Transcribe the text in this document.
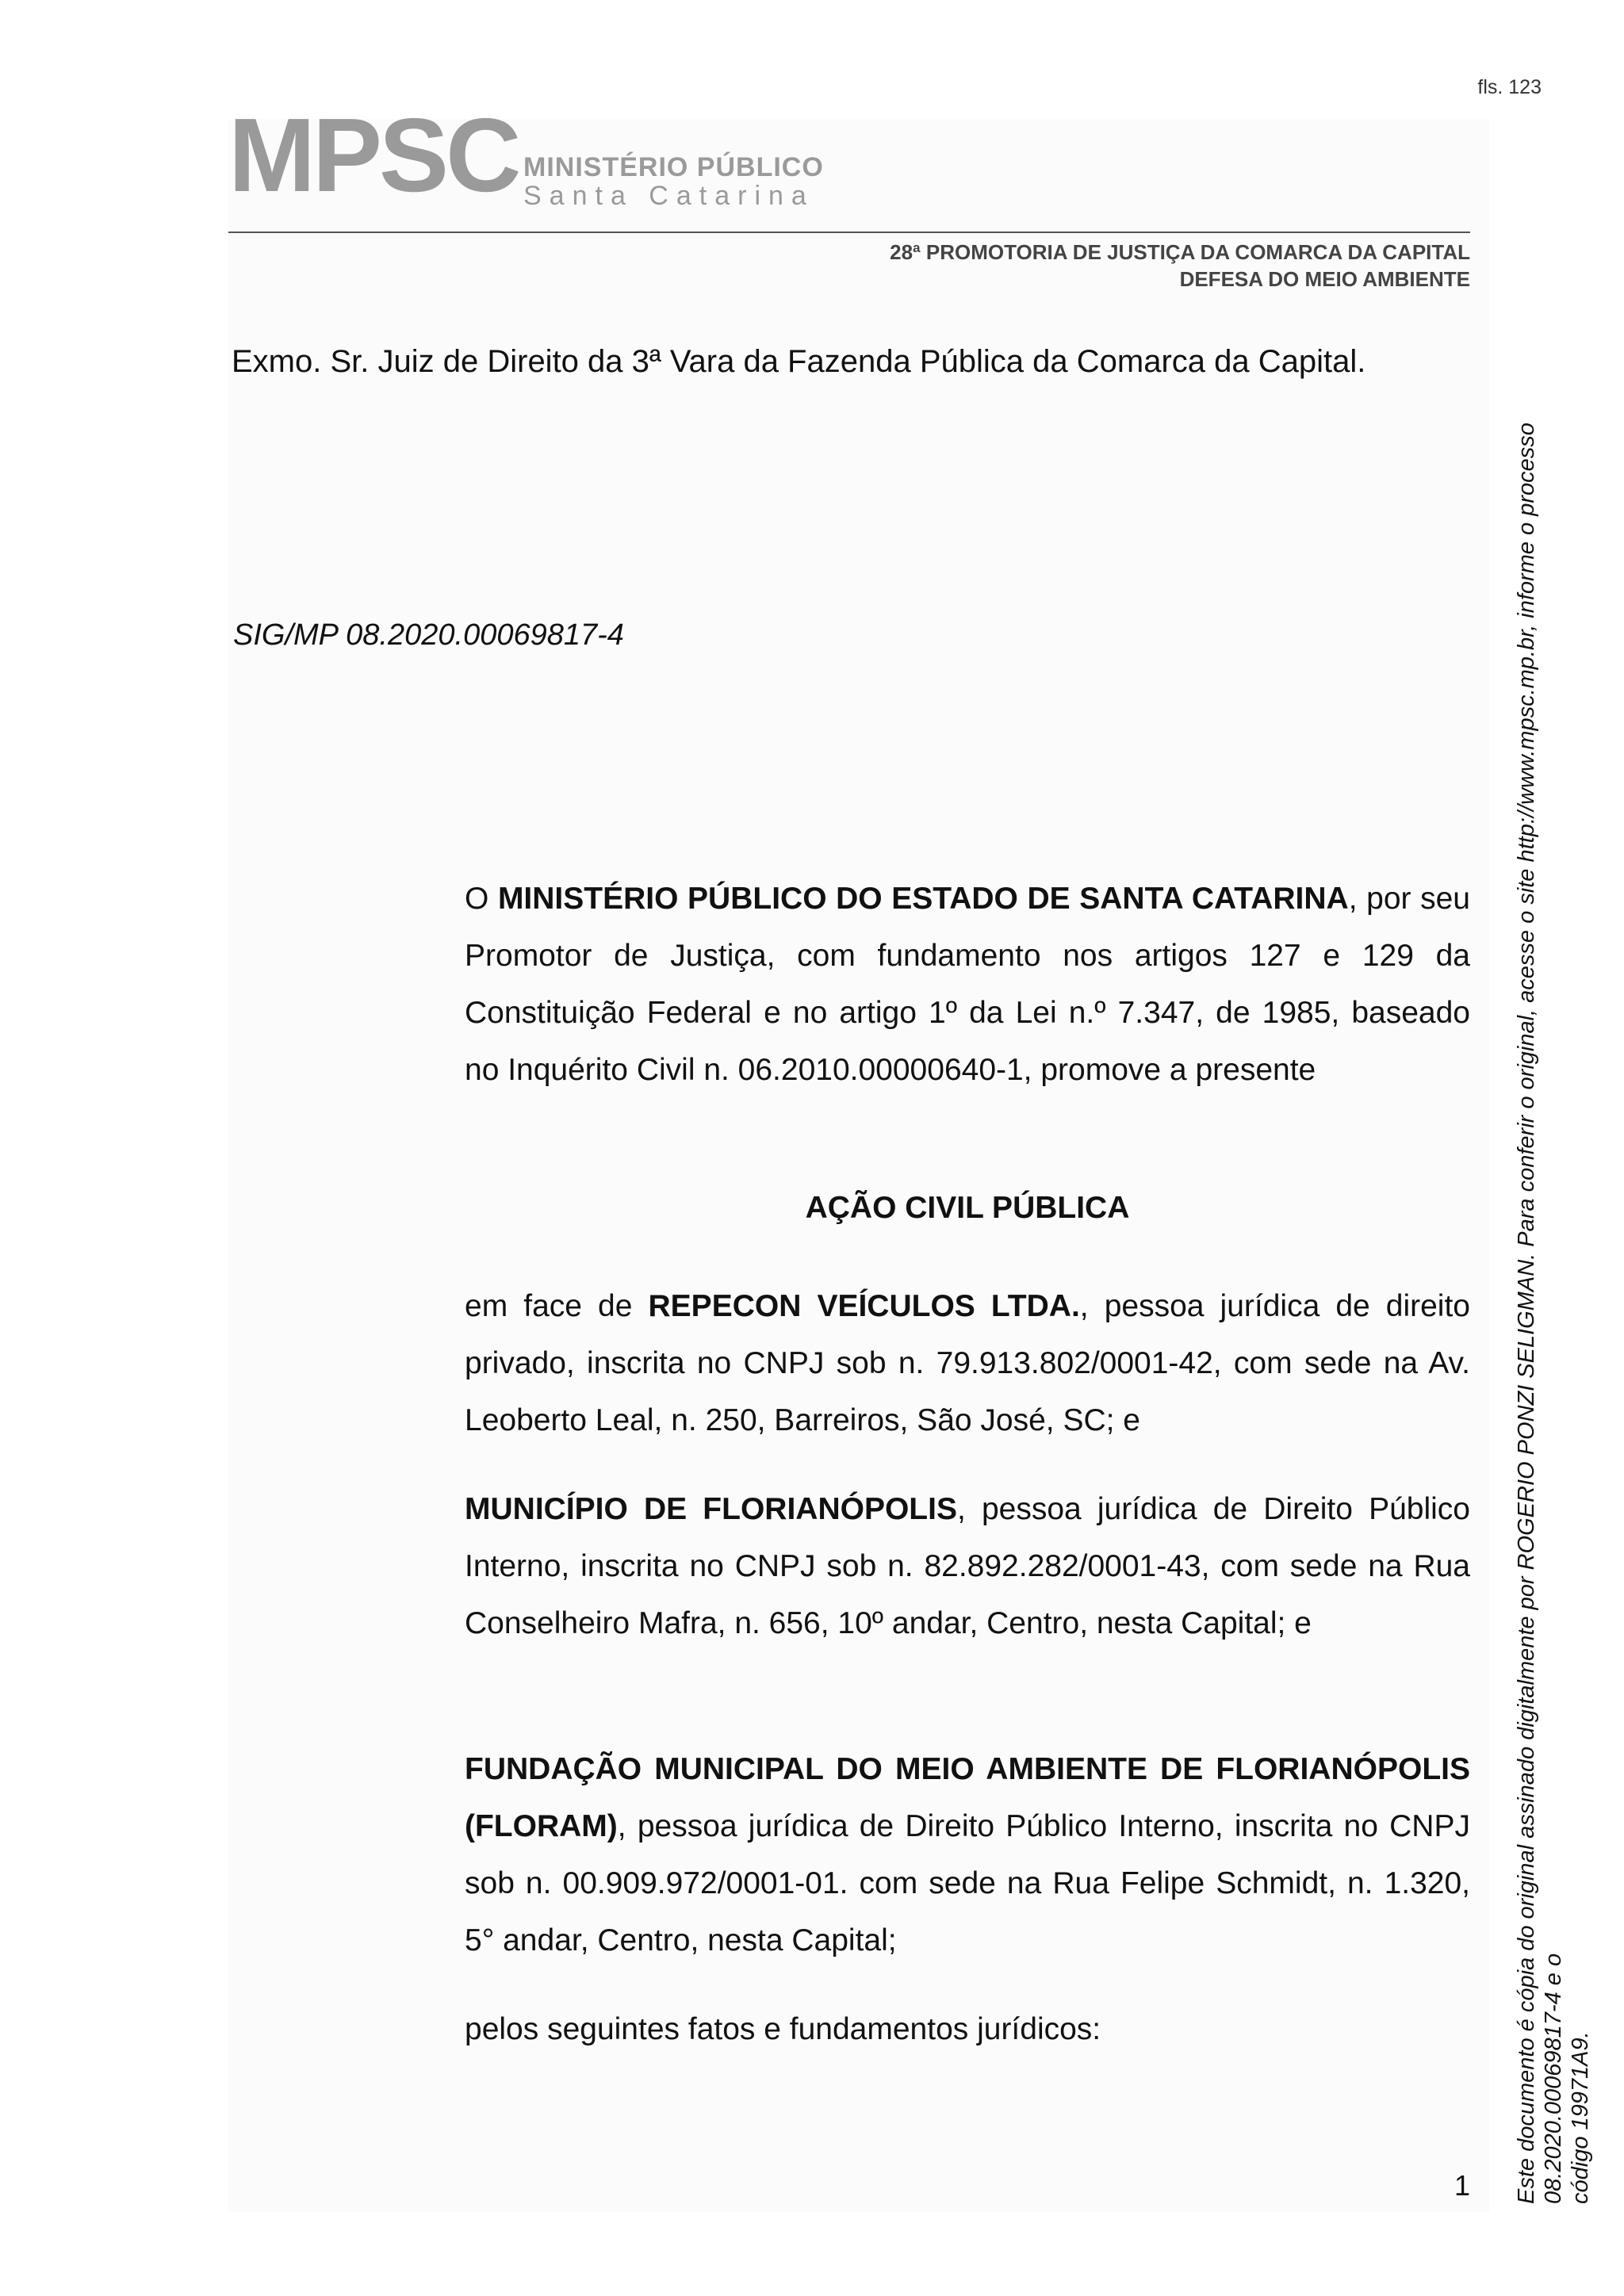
fls. 123
MPSC MINISTÉRIO PÚBLICO
Santa Catarina
28ª PROMOTORIA DE JUSTIÇA DA COMARCA DA CAPITAL
DEFESA DO MEIO AMBIENTE
Exmo. Sr. Juiz de Direito da 3ª Vara da Fazenda Pública da Comarca da Capital.
SIG/MP 08.2020.00069817-4
O MINISTÉRIO PÚBLICO DO ESTADO DE SANTA CATARINA, por seu Promotor de Justiça, com fundamento nos artigos 127 e 129 da Constituição Federal e no artigo 1º da Lei n.º 7.347, de 1985, baseado no Inquérito Civil n. 06.2010.00000640-1, promove a presente
AÇÃO CIVIL PÚBLICA
em face de REPECON VEÍCULOS LTDA., pessoa jurídica de direito privado, inscrita no CNPJ sob n. 79.913.802/0001-42, com sede na Av. Leoberto Leal, n. 250, Barreiros, São José, SC; e
MUNICÍPIO DE FLORIANÓPOLIS, pessoa jurídica de Direito Público Interno, inscrita no CNPJ sob n. 82.892.282/0001-43, com sede na Rua Conselheiro Mafra, n. 656, 10º andar, Centro, nesta Capital; e
FUNDAÇÃO MUNICIPAL DO MEIO AMBIENTE DE FLORIANÓPOLIS (FLORAM), pessoa jurídica de Direito Público Interno, inscrita no CNPJ sob n. 00.909.972/0001-01. com sede na Rua Felipe Schmidt, n. 1.320, 5° andar, Centro, nesta Capital;
pelos seguintes fatos e fundamentos jurídicos:
1 Este documento é cópia do original assinado digitalmente por ROGERIO PONZI SELIGMAN. Para conferir o original, acesse o site http://www.mpsc.mp.br, informe o processo 08.2020.00069817-4 e o código 19971A9.
